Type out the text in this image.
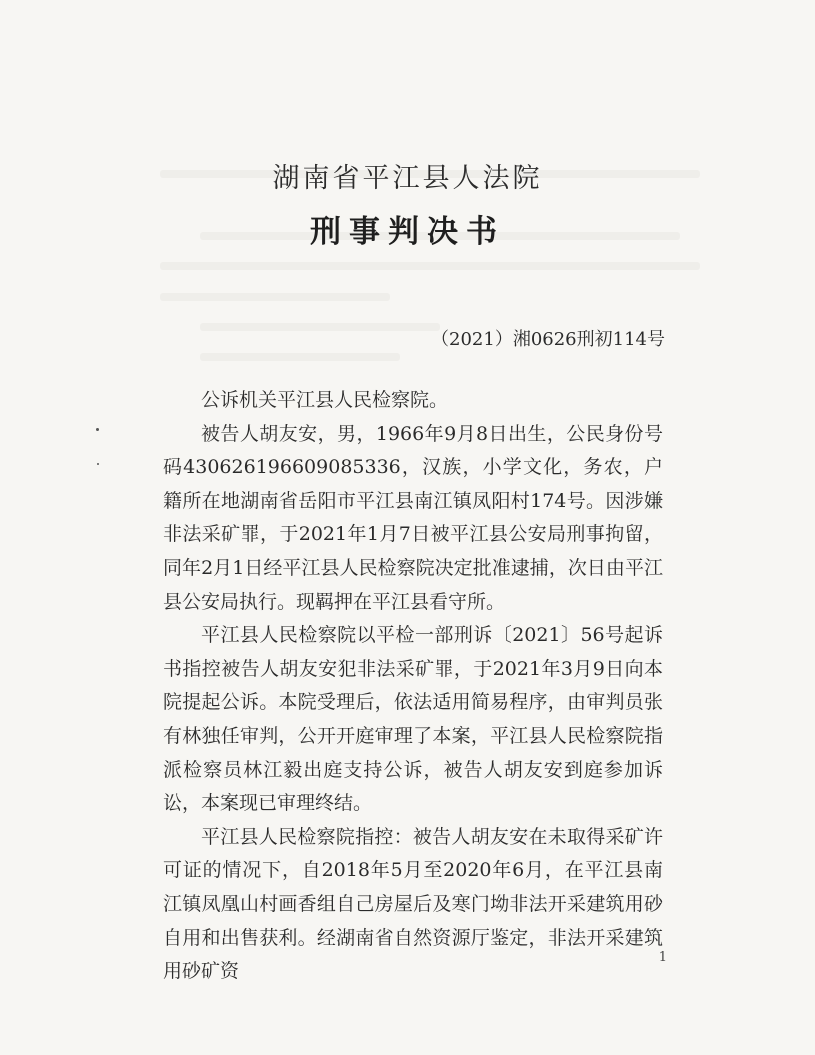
湖南省平江县人法院
刑事判决书
（2021）湘0626刑初114号

公诉机关平江县人民检察院。

被告人胡友安，男，1966年9月8日出生，公民身份号码430626196609085336，汉族，小学文化，务农，户籍所在地湖南省岳阳市平江县南江镇凤阳村174号。因涉嫌非法采矿罪，于2021年1月7日被平江县公安局刑事拘留，同年2月1日经平江县人民检察院决定批准逮捕，次日由平江县公安局执行。现羁押在平江县看守所。

平江县人民检察院以平检一部刑诉〔2021〕56号起诉书指控被告人胡友安犯非法采矿罪，于2021年3月9日向本院提起公诉。本院受理后，依法适用简易程序，由审判员张有林独任审判，公开开庭审理了本案，平江县人民检察院指派检察员林江毅出庭支持公诉，被告人胡友安到庭参加诉讼，本案现已审理终结。

平江县人民检察院指控：被告人胡友安在未取得采矿许可证的情况下，自2018年5月至2020年6月，在平江县南江镇凤凰山村画香组自己房屋后及寒门坳非法开采建筑用砂自用和出售获利。经湖南省自然资源厅鉴定，非法开采建筑用砂矿资

1
